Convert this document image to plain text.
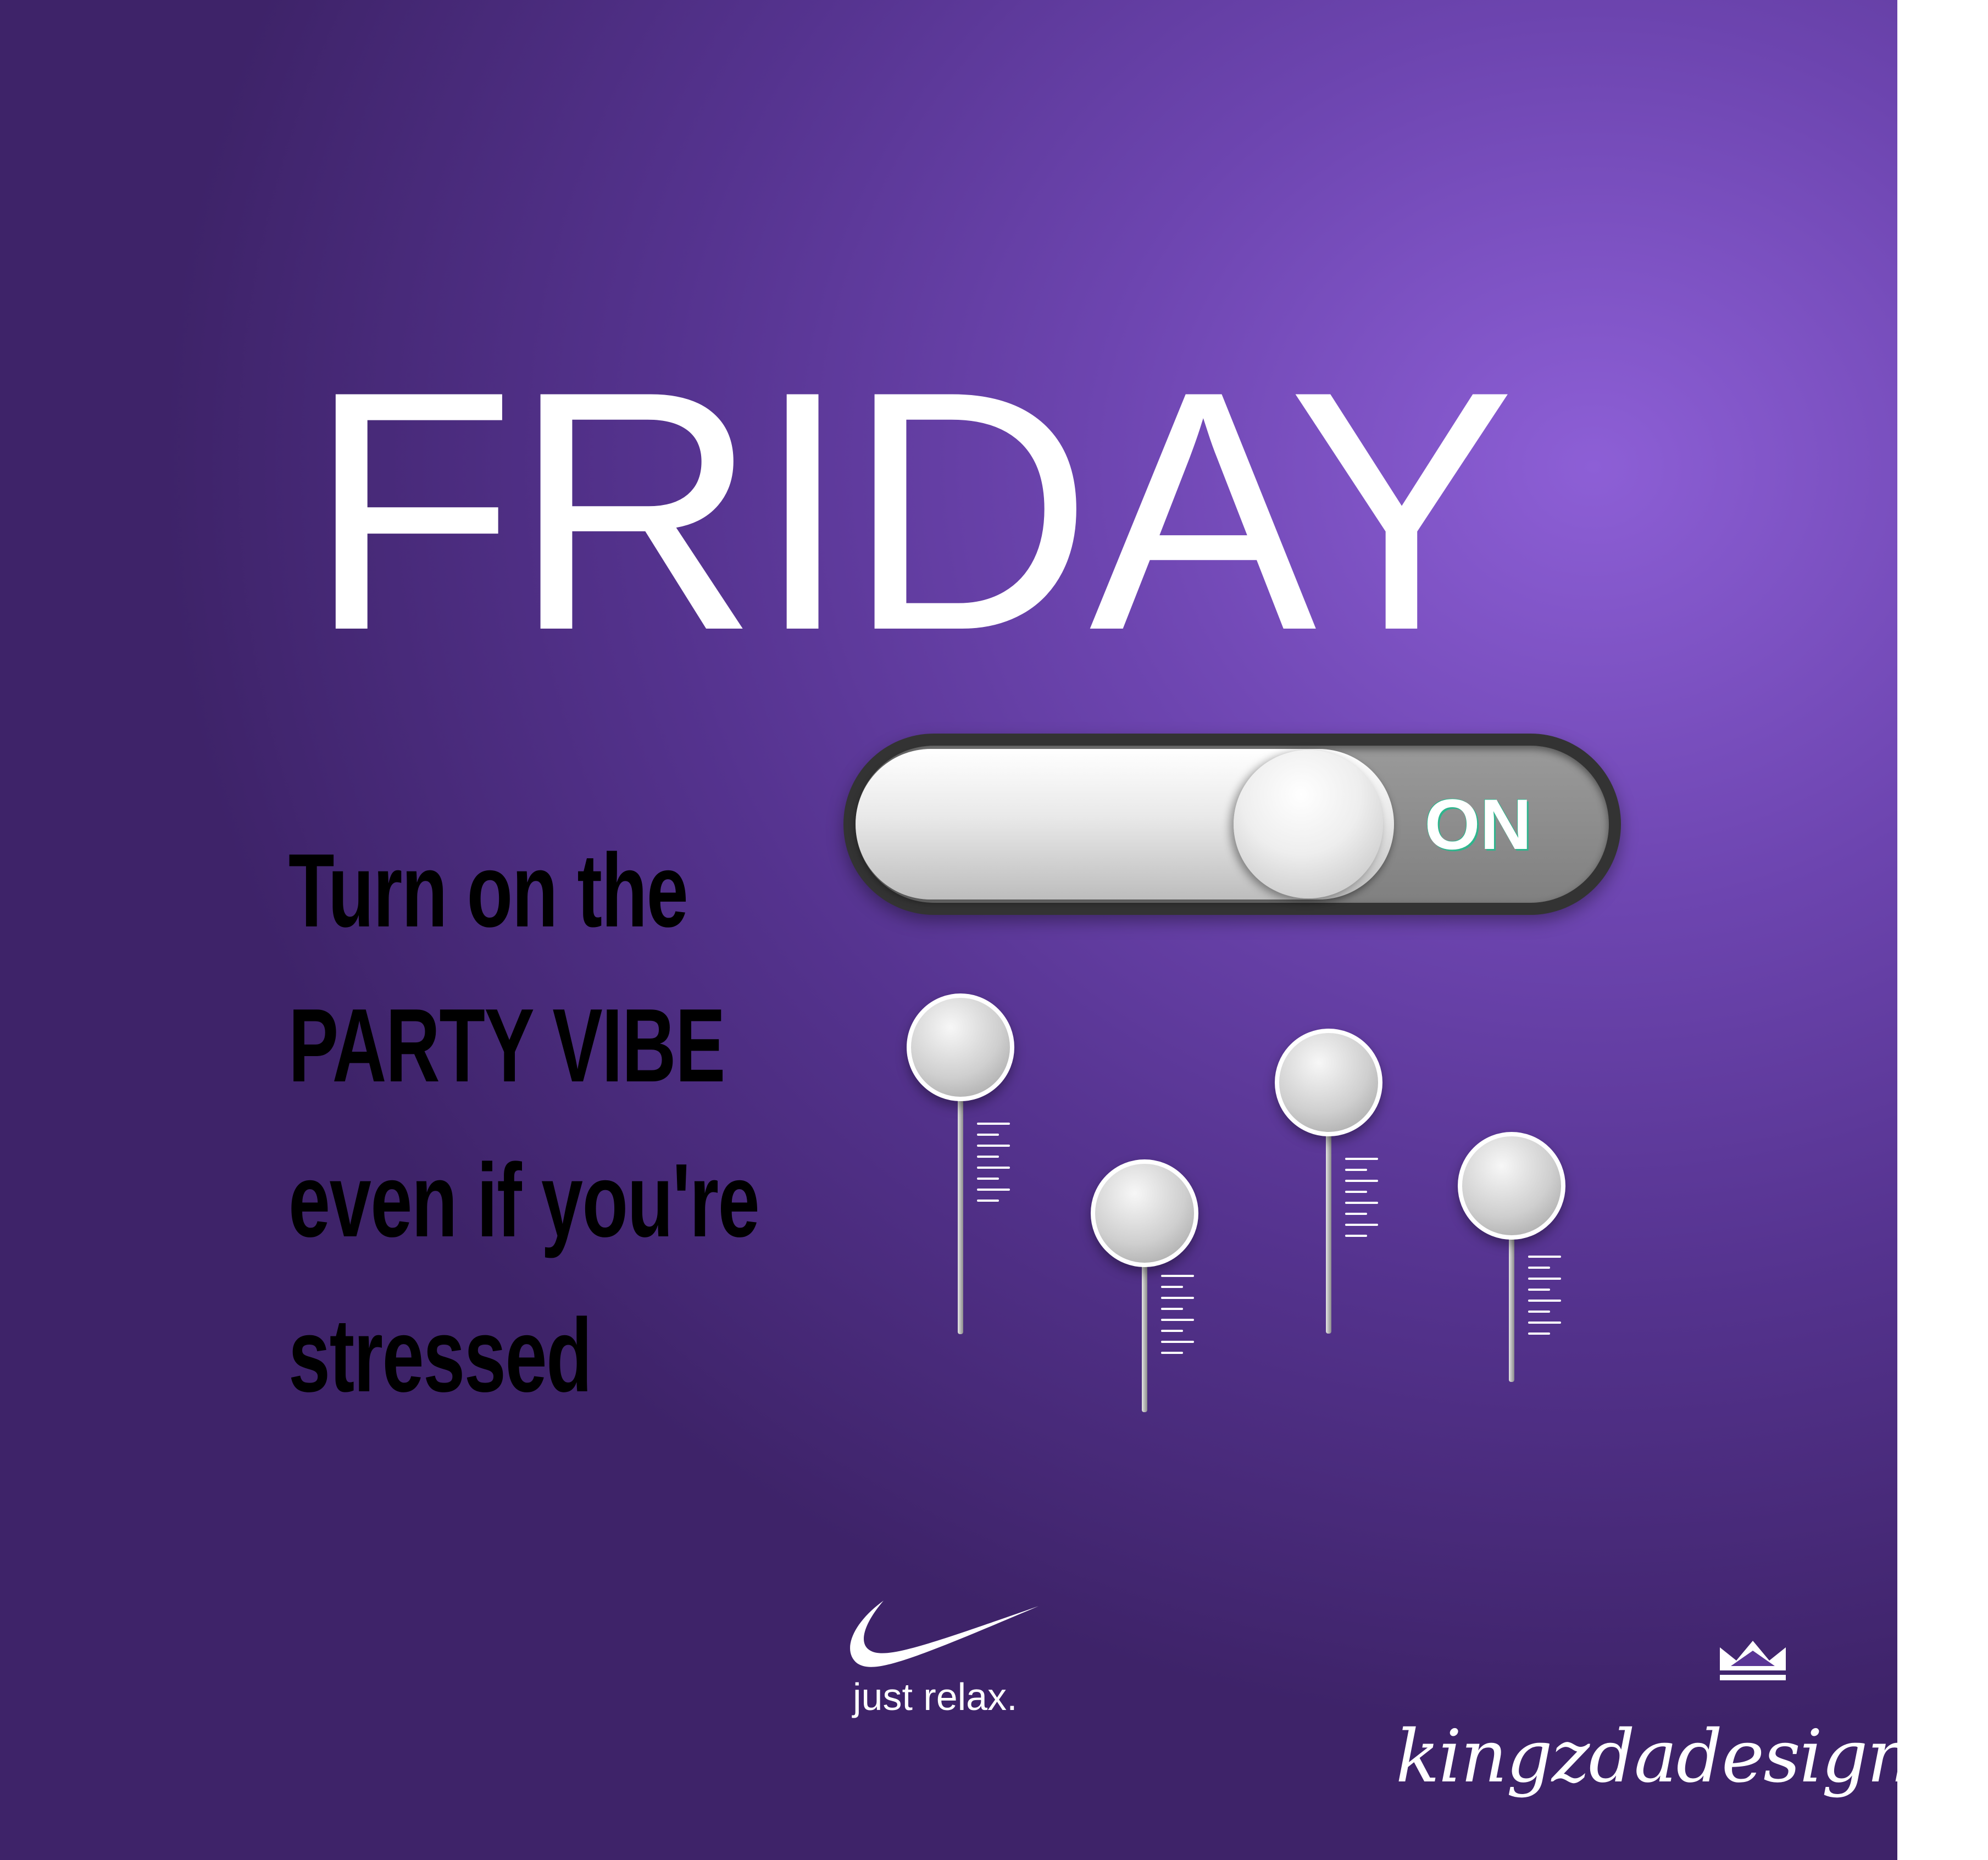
FRIDAY
ON
Turn on the
PARTY VIBE
even if you're
stressed
just relax.
kingzdadesigner
